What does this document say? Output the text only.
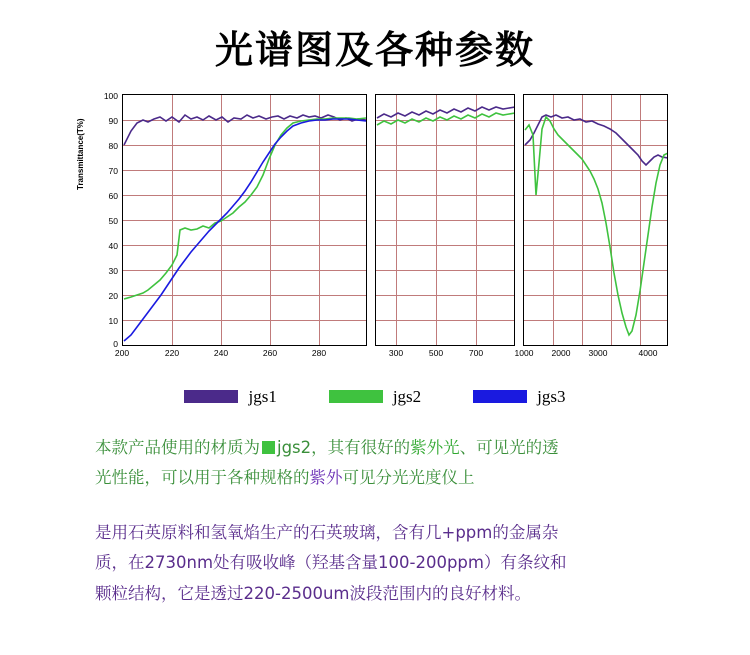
光谱图及各种参数
Transmittance(T%)
100
90
80
70
60
50
40
30
20
10
0
200	220	240	260	280	300	500	700	1000 2000 3000	4000
jgs1	jgs2	jgs3
本款产品使用的材质为 jgs2，其有很好的紫外光、可见光的透
光性能，可以用于各种规格的紫外可见分光光度仪上
是用石英原料和氢氧焰生产的石英玻璃，含有几+ppm的金属杂
质，在2730nm处有吸收峰（羟基含量100-200ppm）有条纹和
颗粒结构，它是透过220-2500um波段范围内的良好材料。
